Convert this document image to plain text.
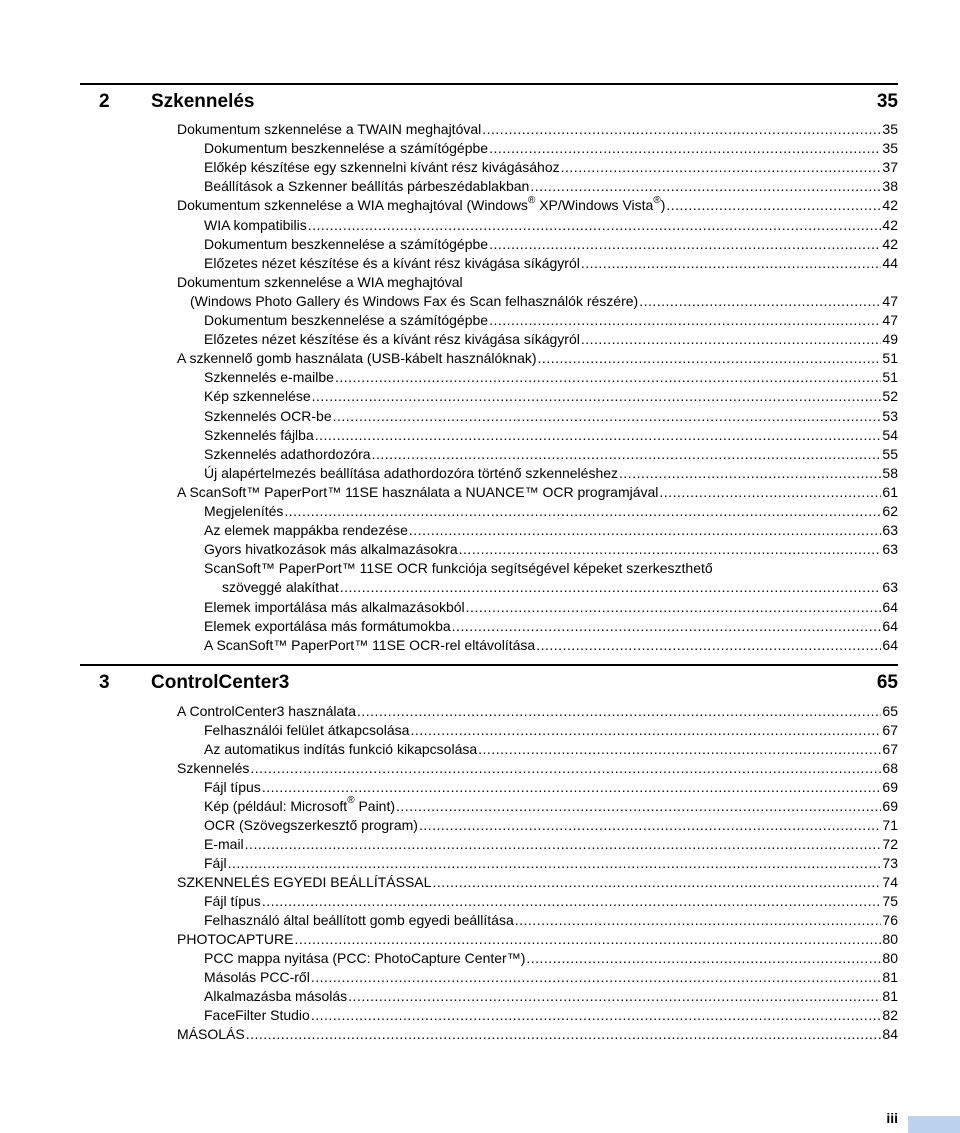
2 Szkennelés	35
Dokumentum szkennelése a TWAIN meghajtóval .....	35
Dokumentum beszkennelése a számítógépbe .....	35
Előkép készítése egy szkennelni kívánt rész kivágásához .....	37
Beállítások a Szkenner beállítás párbeszédablakban .....	38
Dokumentum szkennelése a WIA meghajtóval (Windows® XP/Windows Vista®) .....	42
WIA kompatibilis .....	42
Dokumentum beszkennelése a számítógépbe .....	42
Előzetes nézet készítése és a kívánt rész kivágása síkágyról .....	44
Dokumentum szkennelése a WIA meghajtóval
(Windows Photo Gallery és Windows Fax és Scan felhasználók részére) .....	47
Dokumentum beszkennelése a számítógépbe .....	47
Előzetes nézet készítése és a kívánt rész kivágása síkágyról .....	49
A szkennelő gomb használata (USB-kábelt használóknak) .....	51
Szkennelés e-mailbe .....	51
Kép szkennelése .....	52
Szkennelés OCR-be .....	53
Szkennelés fájlba .....	54
Szkennelés adathordozóra .....	55
Új alapértelmezés beállítása adathordozóra történő szkenneléshez .....	58
A ScanSoft™ PaperPort™ 11SE használata a NUANCE™ OCR programjával .....	61
Megjelenítés .....	62
Az elemek mappákba rendezése .....	63
Gyors hivatkozások más alkalmazásokra .....	63
ScanSoft™ PaperPort™ 11SE OCR funkciója segítségével képeket szerkeszthető
szöveggé alakíthat .....	63
Elemek importálása más alkalmazásokból .....	64
Elemek exportálása más formátumokba .....	64
A ScanSoft™ PaperPort™ 11SE OCR-rel eltávolítása .....	64
3 ControlCenter3	65
A ControlCenter3 használata .....	65
Felhasználói felület átkapcsolása .....	67
Az automatikus indítás funkció kikapcsolása .....	67
Szkennelés .....	68
Fájl típus .....	69
Kép (például: Microsoft® Paint) .....	69
OCR (Szövegszerkesztő program) .....	71
E-mail .....	72
Fájl .....	73
SZKENNELÉS EGYEDI BEÁLLÍTÁSSAL .....	74
Fájl típus .....	75
Felhasználó által beállított gomb egyedi beállítása .....	76
PHOTOCAPTURE .....	80
PCC mappa nyitása (PCC: PhotoCapture Center™) .....	80
Másolás PCC-ről .....	81
Alkalmazásba másolás .....	81
FaceFilter Studio .....	82
MÁSOLÁS .....	84
iii
